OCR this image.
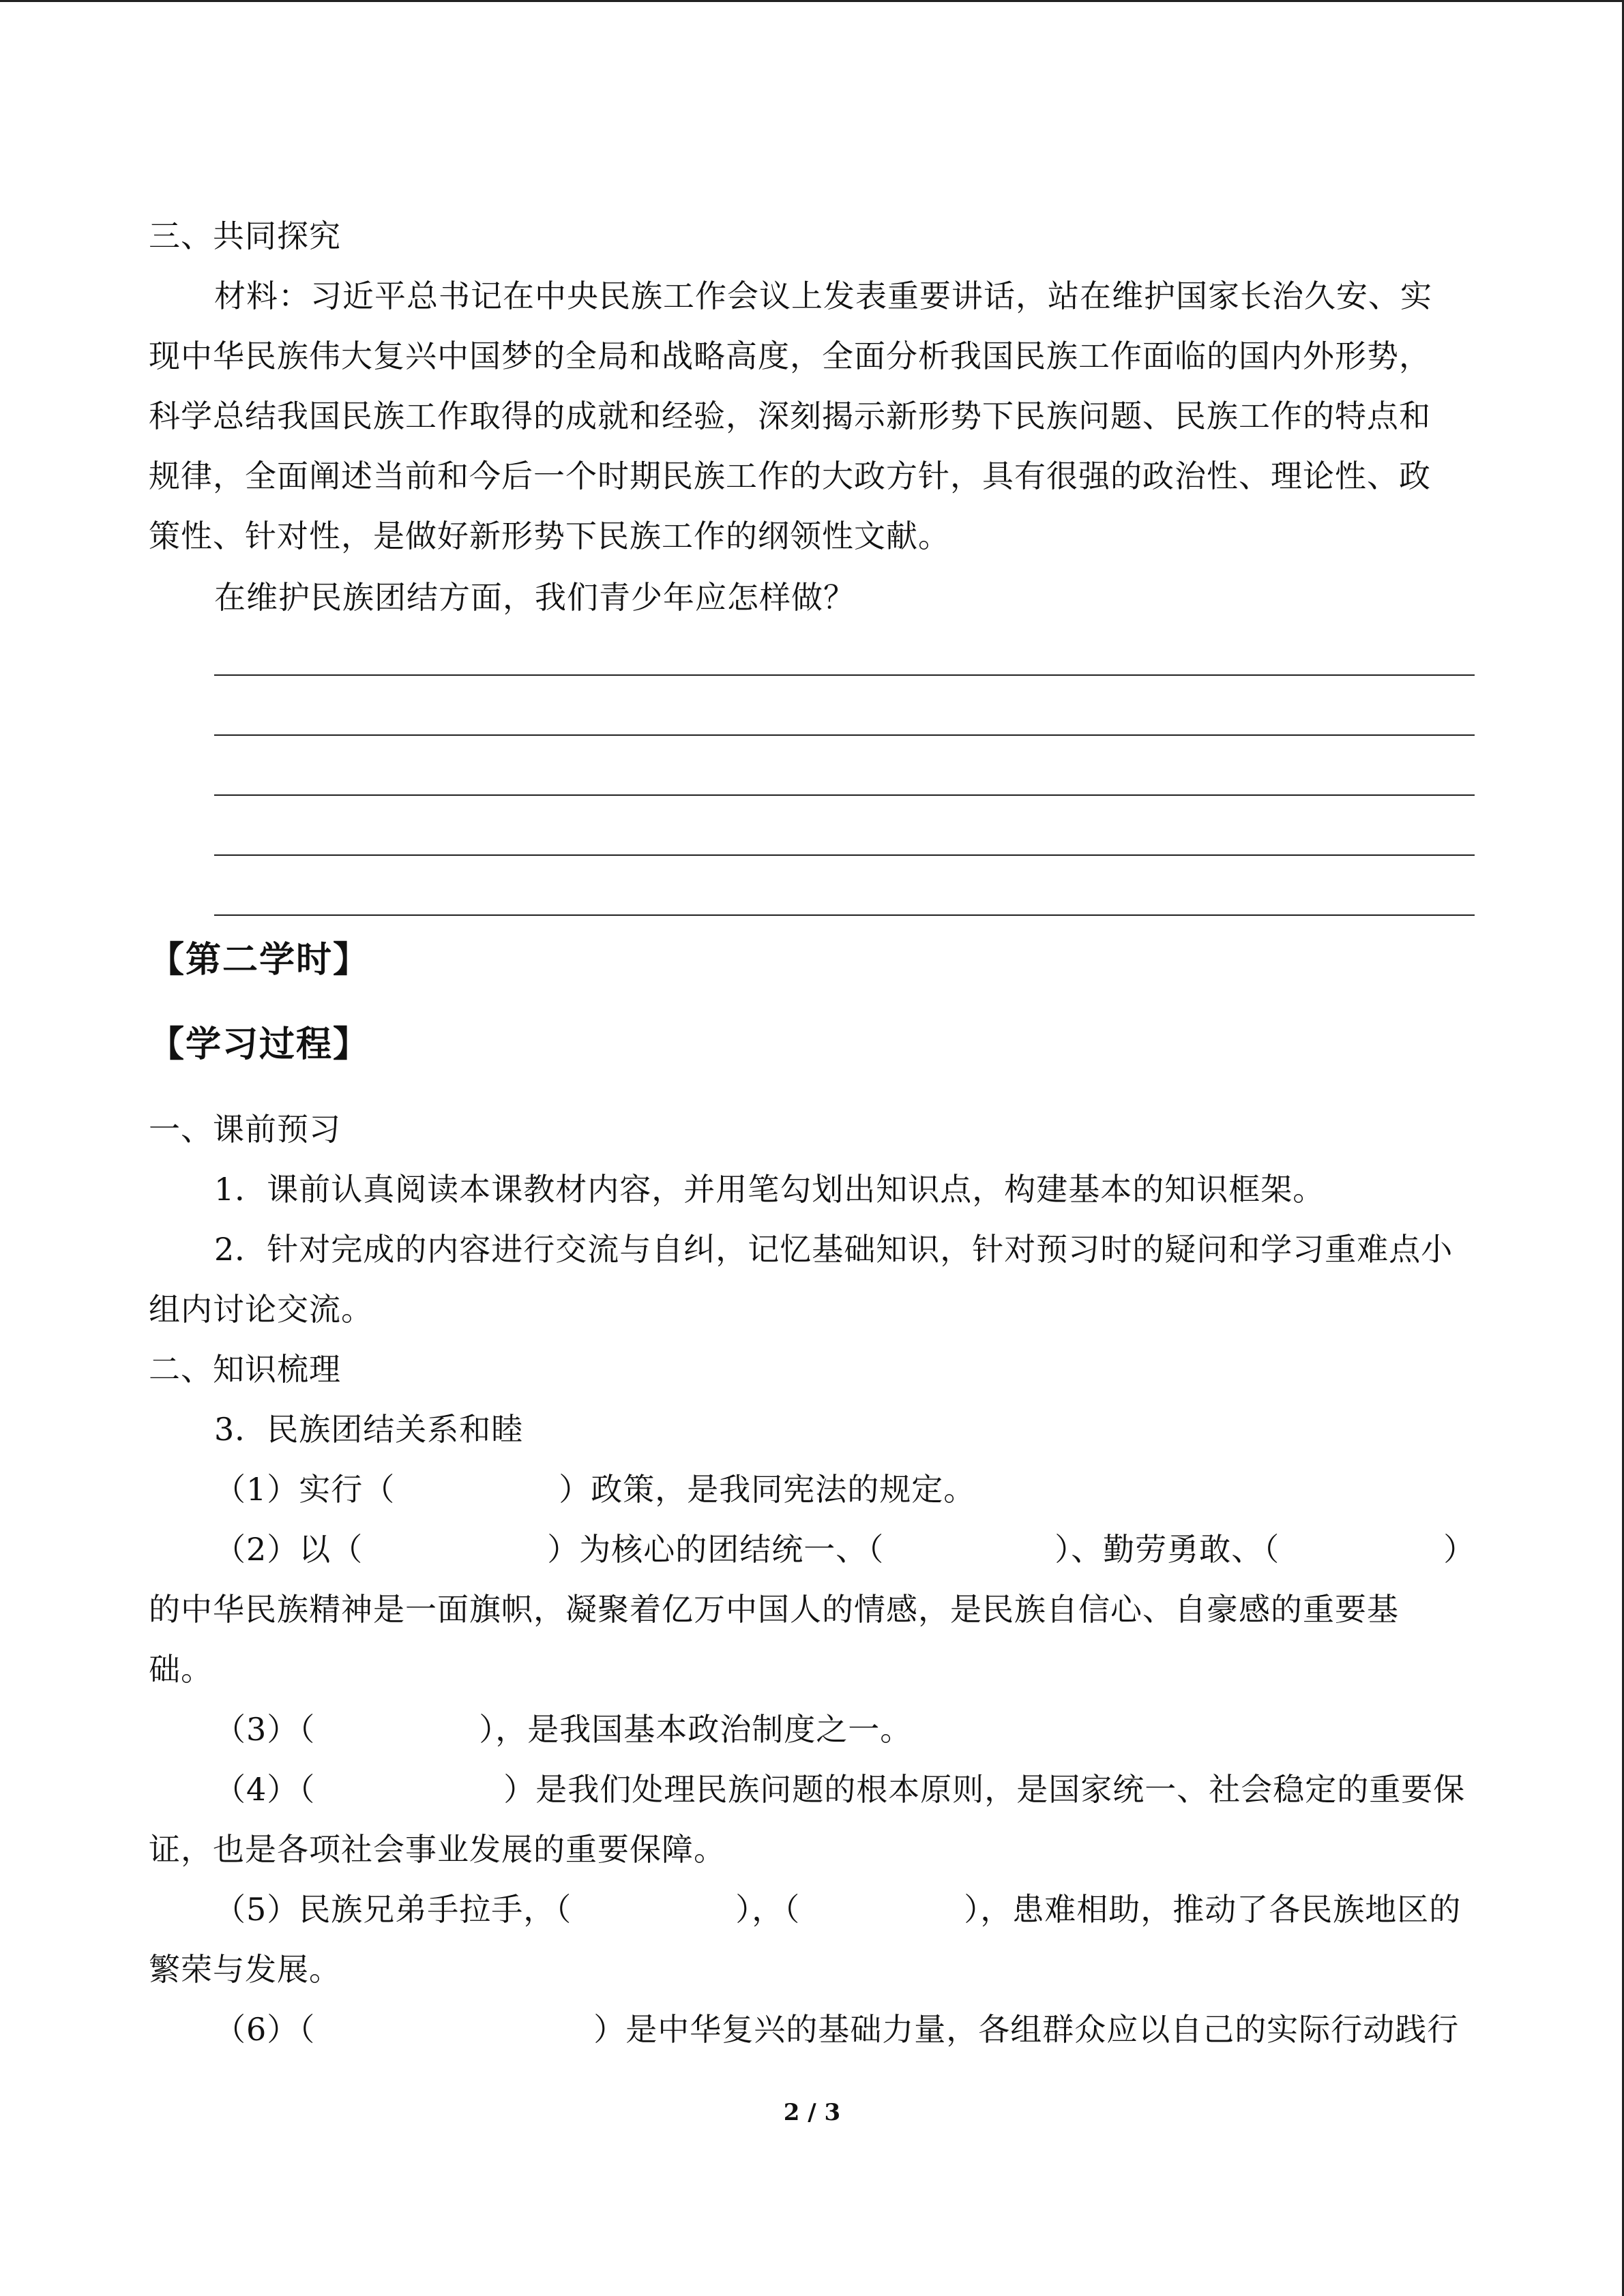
三、共同探究
材料：习近平总书记在中央民族工作会议上发表重要讲话，站在维护国家长治久安、实
现中华民族伟大复兴中国梦的全局和战略高度，全面分析我国民族工作面临的国内外形势，
科学总结我国民族工作取得的成就和经验，深刻揭示新形势下民族问题、民族工作的特点和
规律，全面阐述当前和今后一个时期民族工作的大政方针，具有很强的政治性、理论性、政
策性、针对性，是做好新形势下民族工作的纲领性文献。
在维护民族团结方面，我们青少年应怎样做？
【第二学时】
【学习过程】
一、课前预习
1．课前认真阅读本课教材内容，并用笔勾划出知识点，构建基本的知识框架。
2．针对完成的内容进行交流与自纠，记忆基础知识，针对预习时的疑问和学习重难点小
组内讨论交流。
二、知识梳理
3．民族团结关系和睦
（1）实行（	）政策，是我同宪法的规定。
（2）以（	）为核心的团结统一、（	）、勤劳勇敢、（	）
的中华民族精神是一面旗帜，凝聚着亿万中国人的情感，是民族自信心、自豪感的重要基
础。
（3）（	），是我国基本政治制度之一。
（4）（	）是我们处理民族问题的根本原则，是国家统一、社会稳定的重要保
证，也是各项社会事业发展的重要保障。
（5）民族兄弟手拉手，（	），（	），患难相助，推动了各民族地区的
繁荣与发展。
（6）（	）是中华复兴的基础力量，各组群众应以自己的实际行动践行
2 / 3
